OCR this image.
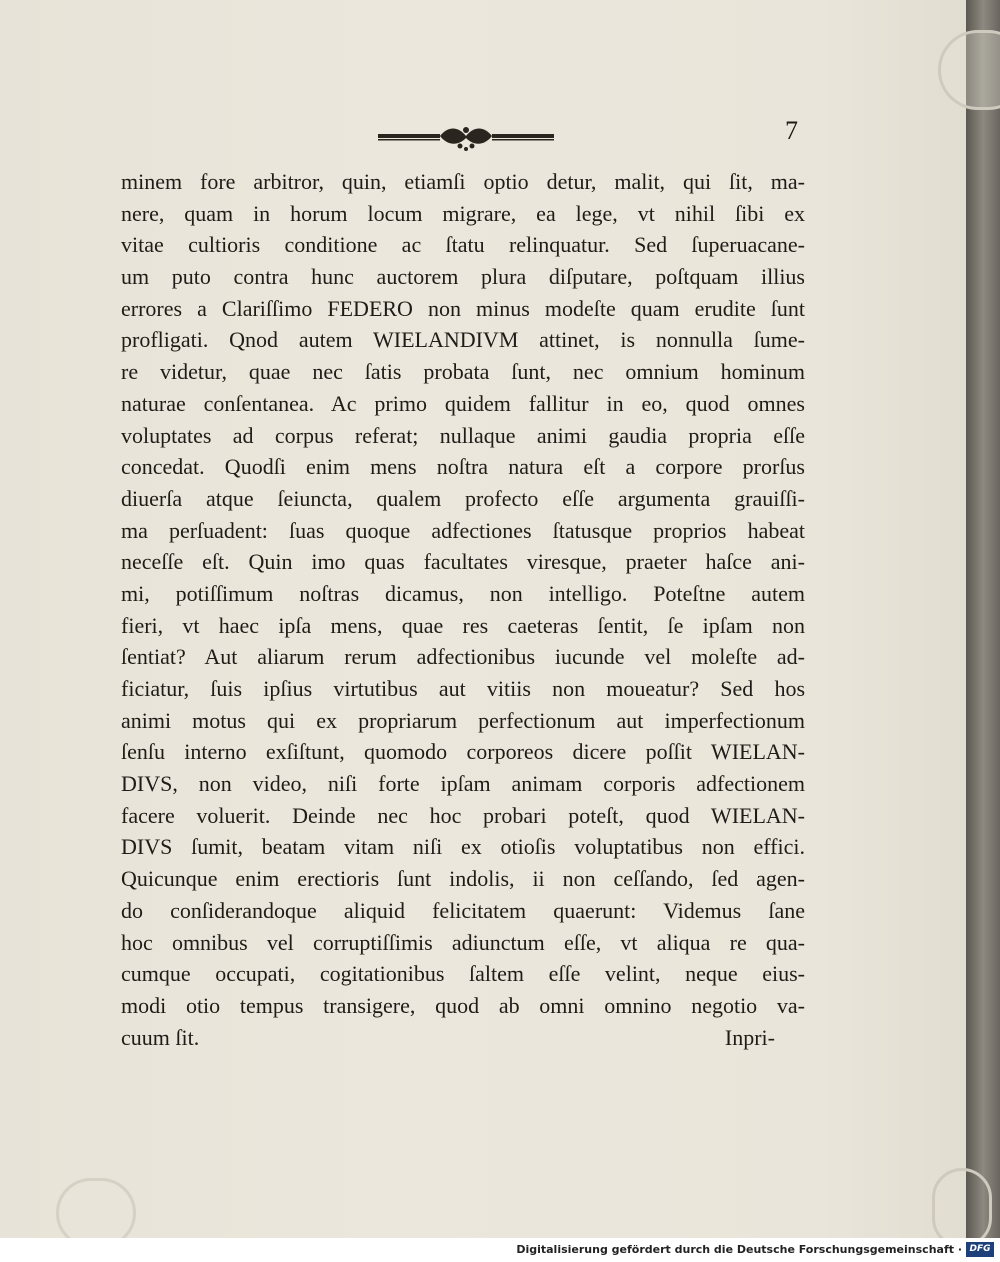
7
minem fore arbitror, quin, etiamſi optio detur, malit, qui ſit, ma-
nere, quam in horum locum migrare, ea lege, vt nihil ſibi ex
vitae cultioris conditione ac ſtatu relinquatur. Sed ſuperuacane-
um puto contra hunc auctorem plura diſputare, poſtquam illius
errores a Clariſſimo FEDERO non minus modeſte quam erudite ſunt
profligati. Qnod autem WIELANDIVM attinet, is nonnulla ſume-
re videtur, quae nec ſatis probata ſunt, nec omnium hominum
naturae conſentanea. Ac primo quidem fallitur in eo, quod omnes
voluptates ad corpus referat; nullaque animi gaudia propria eſſe
concedat. Quodſi enim mens noſtra natura eſt a corpore prorſus
diuerſa atque ſeiuncta, qualem profecto eſſe argumenta grauiſſi-
ma perſuadent: ſuas quoque adfectiones ſtatusque proprios habeat
neceſſe eſt. Quin imo quas facultates viresque, praeter haſce ani-
mi, potiſſimum noſtras dicamus, non intelligo. Poteſtne autem
fieri, vt haec ipſa mens, quae res caeteras ſentit, ſe ipſam non
ſentiat? Aut aliarum rerum adfectionibus iucunde vel moleſte ad-
ficiatur, ſuis ipſius virtutibus aut vitiis non moueatur? Sed hos
animi motus qui ex propriarum perfectionum aut imperfectionum
ſenſu interno exſiſtunt, quomodo corporeos dicere poſſit WIELAN-
DIVS, non video, niſi forte ipſam animam corporis adfectionem
facere voluerit. Deinde nec hoc probari poteſt, quod WIELAN-
DIVS ſumit, beatam vitam niſi ex otioſis voluptatibus non effici.
Quicunque enim erectioris ſunt indolis, ii non ceſſando, ſed agen-
do conſiderandoque aliquid felicitatem quaerunt: Videmus ſane
hoc omnibus vel corruptiſſimis adiunctum eſſe, vt aliqua re qua-
cumque occupati, cogitationibus ſaltem eſſe velint, neque eius-
modi otio tempus transigere, quod ab omni omnino negotio va-
cuum ſit.	Inpri-
Digitalisierung gefördert durch die Deutsche Forschungsgemeinschaft · DFG
